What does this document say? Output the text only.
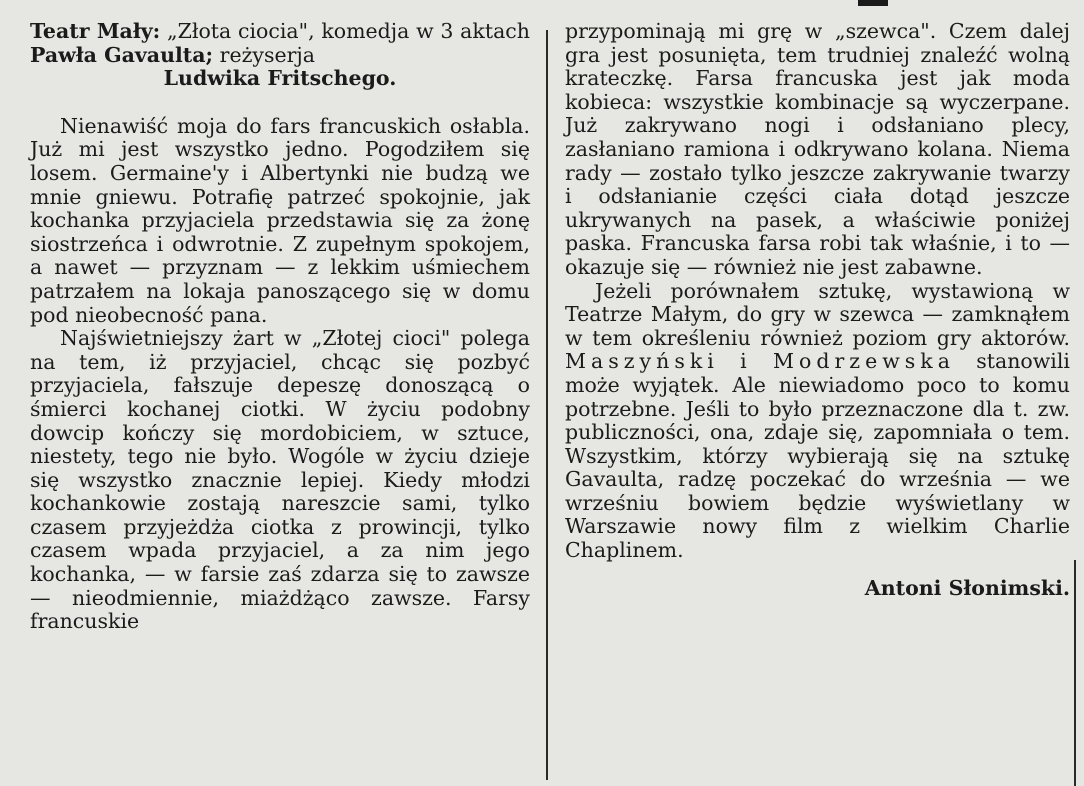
Teatr Mały: „Złota ciocia", komedja w 3 aktach Pawła Gavaulta; reżyserja
Ludwika Fritschego.

Nienawiść moja do fars francuskich osłabla. Już mi jest wszystko jedno. Pogodziłem się losem. Germaine'y i Albertynki nie budzą we mnie gniewu. Potrafię patrzeć spokojnie, jak kochanka przyjaciela przedstawia się za żonę siostrzeńca i odwrotnie. Z zupełnym spokojem, a nawet — przyznam — z lekkim uśmiechem patrzałem na lokaja panoszącego się w domu pod nieobecność pana.

Najświetniejszy żart w „Złotej cioci" polega na tem, iż przyjaciel, chcąc się pozbyć przyjaciela, fałszuje depeszę donoszącą o śmierci kochanej ciotki. W życiu podobny dowcip kończy się mordobiciem, w sztuce, niestety, tego nie było. Wogóle w życiu dzieje się wszystko znacznie lepiej. Kiedy młodzi kochankowie zostają nareszcie sami, tylko czasem przyjeżdża ciotka z prowincji, tylko czasem wpada przyjaciel, a za nim jego kochanka, — w farsie zaś zdarza się to zawsze — nieodmiennie, miażdżąco zawsze. Farsy francuskie

przypominają mi grę w „szewca". Czem dalej gra jest posunięta, tem trudniej znaleźć wolną krateczkę. Farsa francuska jest jak moda kobieca: wszystkie kombinacje są wyczerpane. Już zakrywano nogi i odsłaniano plecy, zasłaniano ramiona i odkrywano kolana. Niema rady — zostało tylko jeszcze zakrywanie twarzy i odsłanianie części ciała dotąd jeszcze ukrywanych na pasek, a właściwie poniżej paska. Francuska farsa robi tak właśnie, i to — okazuje się — również nie jest zabawne.

Jeżeli porównałem sztukę, wystawioną w Teatrze Małym, do gry w szewca — zamknąłem w tem określeniu również poziom gry aktorów. Maszyński i Modrzewska stanowili może wyjątek. Ale niewiadomo poco to komu potrzebne. Jeśli to było przeznaczone dla t. zw. publiczności, ona, zdaje się, zapomniała o tem. Wszystkim, którzy wybierają się na sztukę Gavaulta, radzę poczekać do września — we wrześniu bowiem będzie wyświetlany w Warszawie nowy film z wielkim Charlie Chaplinem.

Antoni Słonimski.
